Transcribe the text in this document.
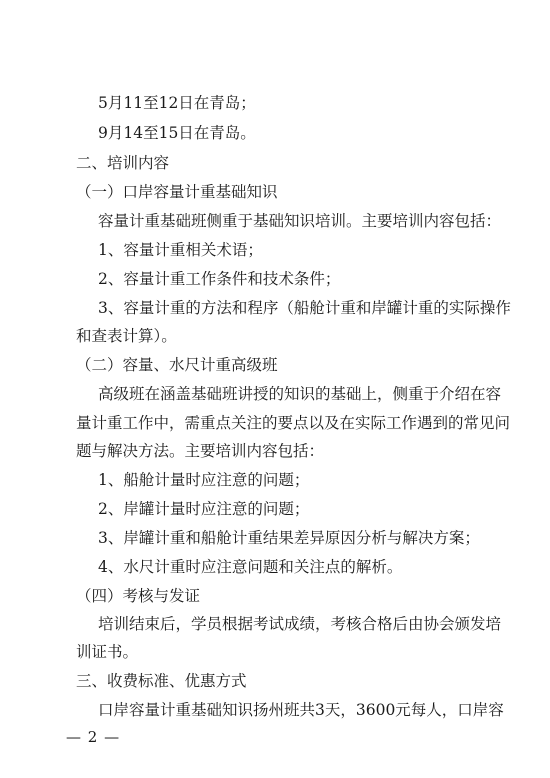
5月11至12日在青岛；
9月14至15日在青岛。
二、培训内容
（一）口岸容量计重基础知识
容量计重基础班侧重于基础知识培训。主要培训内容包括：
1、容量计重相关术语；
2、容量计重工作条件和技术条件；
3、容量计重的方法和程序（船舱计重和岸罐计重的实际操作
和查表计算）。
（二）容量、水尺计重高级班
高级班在涵盖基础班讲授的知识的基础上，侧重于介绍在容
量计重工作中，需重点关注的要点以及在实际工作遇到的常见问
题与解决方法。主要培训内容包括：
1、船舱计量时应注意的问题；
2、岸罐计量时应注意的问题；
3、岸罐计重和船舱计重结果差异原因分析与解决方案；
4、水尺计重时应注意问题和关注点的解析。
（四）考核与发证
培训结束后，学员根据考试成绩，考核合格后由协会颁发培
训证书。
三、收费标准、优惠方式
口岸容量计重基础知识扬州班共3天，3600元每人，口岸容
— 2 —
